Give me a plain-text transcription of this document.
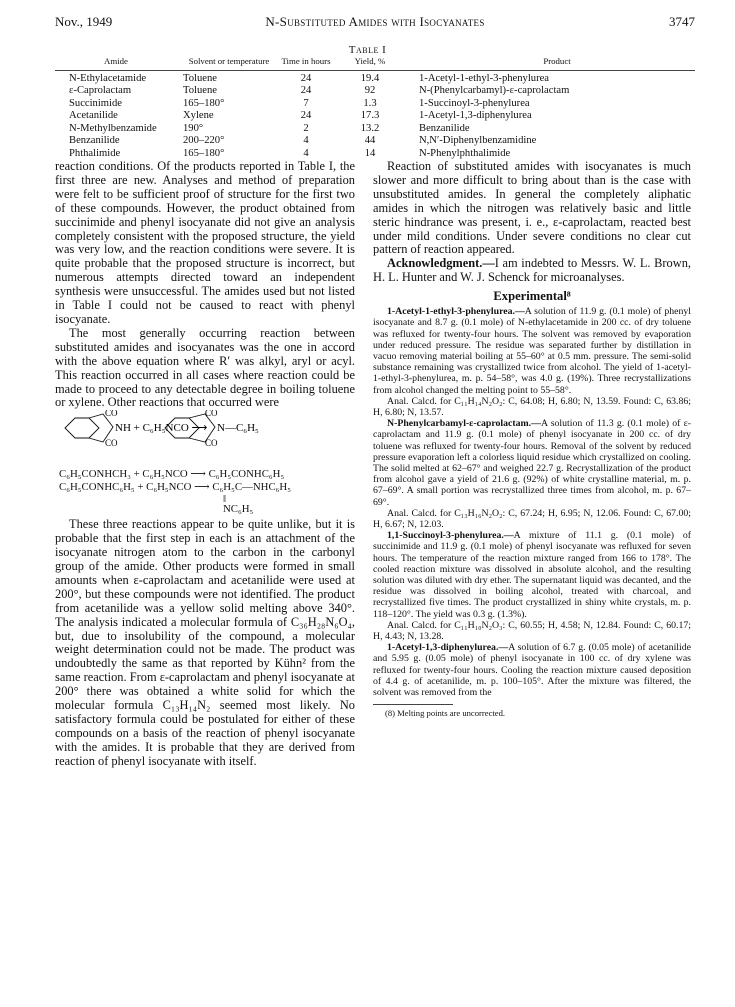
Nov., 1949	N-Substituted Amides with Isocyanates	3747
Table I
Amide	Solvent or temperature	Time in hours	Yield, %	Product
N-Ethylacetamide	Toluene	24	19.4	1-Acetyl-1-ethyl-3-phenylurea
ε-Caprolactam	Toluene	24	92	N-(Phenylcarbamyl)-ε-caprolactam
Succinimide	165–180°	7	1.3	1-Succinoyl-3-phenylurea
Acetanilide	Xylene	24	17.3	1-Acetyl-1,3-diphenylurea
N-Methylbenzamide	190°	2	13.2	Benzanilide
Benzanilide	200–220°	4	44	N,N′-Diphenylbenzamidine
Phthalimide	165–180°	4	14	N-Phenylphthalimide

reaction conditions. Of the products reported in Table I, the first three are new. Analyses and method of preparation were felt to be sufficient proof of structure for the first two of these compounds. However, the product obtained from succinimide and phenyl isocyanate did not give an analysis completely consistent with the proposed structure, the yield was very low, and the reaction conditions were severe. It is quite probable that the proposed structure is incorrect, but numerous attempts directed toward an independent synthesis were unsuccessful. The amides used but not listed in Table I could not be caused to react with phenyl isocyanate.

The most generally occurring reaction between substituted amides and isocyanates was the one in accord with the above equation where R′ was alkyl, aryl or acyl. This reaction occurred in all cases where reaction could be made to proceed to any detectable degree in boiling toluene or xylene. Other reactions that occurred were

CO
CO
CO
CO
NH + C₆H₅NCO ⟶ N—C₆H₅
C₆H₅CONHCH₃ + C₆H₅NCO ⟶ C₆H₅CONHC₆H₅
C₆H₅CONHC₆H₅ + C₆H₅NCO ⟶ C₆H₅C—NHC₆H₅
‖
NC₆H₅

These three reactions appear to be quite unlike, but it is probable that the first step in each is an attachment of the isocyanate nitrogen atom to the carbon in the carbonyl group of the amide. Other products were formed in small amounts when ε-caprolactam and acetanilide were used at 200°, but these compounds were not identified. The product from acetanilide was a yellow solid melting above 340°. The analysis indicated a molecular formula of C₃₆H₂₈N₆O₄, but, due to insolubility of the compound, a molecular weight determination could not be made. The product was undoubtedly the same as that reported by Kühn² from the same reaction. From ε-caprolactam and phenyl isocyanate at 200° there was obtained a white solid for which the molecular formula C₁₃H₁₄N₂ seemed most likely. No satisfactory formula could be postulated for either of these compounds on a basis of the reaction of phenyl isocyanate with the amides. It is probable that they are derived from reaction of phenyl isocyanate with itself.

Reaction of substituted amides with isocyanates is much slower and more difficult to bring about than is the case with unsubstituted amides. In general the completely aliphatic amides in which the nitrogen was relatively basic and little steric hindrance was present, i. e., ε-caprolactam, reacted best under mild conditions. Under severe conditions no clear cut pattern of reaction appeared.

Acknowledgment.—I am indebted to Messrs. W. L. Brown, H. L. Hunter and W. J. Schenck for microanalyses.

Experimental⁸

1-Acetyl-1-ethyl-3-phenylurea.—A solution of 11.9 g. (0.1 mole) of phenyl isocyanate and 8.7 g. (0.1 mole) of N-ethylacetamide in 200 cc. of dry toluene was refluxed for twenty-four hours. The solvent was removed by evaporation under reduced pressure. The residue was separated further by distillation in vacuo removing material boiling at 55–60° at 0.5 mm. pressure. The semi-solid substance remaining was crystallized twice from alcohol. The yield of 1-acetyl-1-ethyl-3-phenylurea, m. p. 54–58°, was 4.0 g. (19%). Three recrystallizations from alcohol changed the melting point to 55–58°.

Anal. Calcd. for C₁₁H₁₄N₂O₂: C, 64.08; H, 6.80; N, 13.59. Found: C, 63.86; H, 6.80; N, 13.57.

N-Phenylcarbamyl-ε-caprolactam.—A solution of 11.3 g. (0.1 mole) of ε-caprolactam and 11.9 g. (0.1 mole) of phenyl isocyanate in 200 cc. of dry toluene was refluxed for twenty-four hours. Removal of the solvent by reduced pressure evaporation left a colorless liquid residue which crystallized on cooling. The solid melted at 62–67° and weighed 22.7 g. Recrystallization of the product from alcohol gave a yield of 21.6 g. (92%) of white crystalline material, m. p. 67–69°. A small portion was recrystallized three times from alcohol, m. p. 67–69°.

Anal. Calcd. for C₁₃H₁₆N₂O₂: C, 67.24; H, 6.95; N, 12.06. Found: C, 67.00; H, 6.67; N, 12.03.

1,1-Succinoyl-3-phenylurea.—A mixture of 11.1 g. (0.1 mole) of succinimide and 11.9 g. (0.1 mole) of phenyl isocyanate was refluxed for seven hours. The temperature of the reaction mixture ranged from 166 to 178°. The cooled reaction mixture was dissolved in absolute alcohol, and the resulting solution was diluted with dry ether. The supernatant liquid was decanted, and the residue was dissolved in boiling alcohol, treated with charcoal, and recrystallized five times. The product crystallized in shiny white crystals, m. p. 118–120°. The yield was 0.3 g. (1.3%).

Anal. Calcd. for C₁₁H₁₀N₂O₃: C, 60.55; H, 4.58; N, 12.84. Found: C, 60.17; H, 4.43; N, 13.28.

1-Acetyl-1,3-diphenylurea.—A solution of 6.7 g. (0.05 mole) of acetanilide and 5.95 g. (0.05 mole) of phenyl isocyanate in 100 cc. of dry xylene was refluxed for twenty-four hours. Cooling the reaction mixture caused deposition of 4.4 g. of acetanilide, m. p. 100–105°. After the mixture was filtered, the solvent was removed from the

(8) Melting points are uncorrected.
